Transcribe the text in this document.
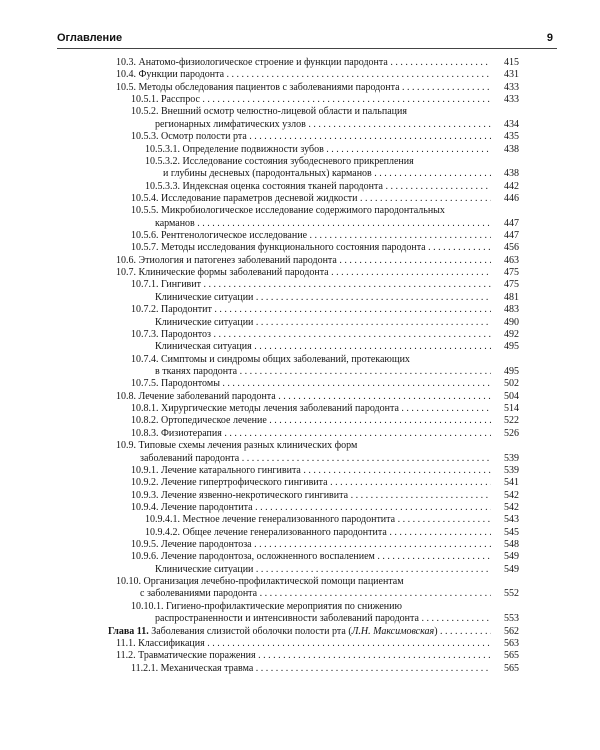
Оглавление	9
10.3. Анатомо-физиологическое строение и функции пародонта . . .	415
10.4. Функции пародонта . . .	431
10.5. Методы обследования пациентов с заболеваниями пародонта . . .	433
10.5.1. Расспрос . . .	433
10.5.2. Внешний осмотр челюстно-лицевой области и пальпация
регионарных лимфатических узлов . . .	434
10.5.3. Осмотр полости рта . . .	435
10.5.3.1. Определение подвижности зубов . . .	438
10.5.3.2. Исследование состояния зубодесневого прикрепления
и глубины десневых (пародонтальных) карманов . . .	438
10.5.3.3. Индексная оценка состояния тканей пародонта . . .	442
10.5.4. Исследование параметров десневой жидкости . . .	446
10.5.5. Микробиологическое исследование содержимого пародонтальных
карманов . . .	447
10.5.6. Рентгенологическое исследование . . .	447
10.5.7. Методы исследования функционального состояния пародонта . . .	456
10.6. Этиология и патогенез заболеваний пародонта . . .	463
10.7. Клинические формы заболеваний пародонта . . .	475
10.7.1. Гингивит . . .	475
Клинические ситуации . . .	481
10.7.2. Пародонтит . . .	483
Клинические ситуации . . .	490
10.7.3. Пародонтоз . . .	492
Клиническая ситуация . . .	495
10.7.4. Симптомы и синдромы общих заболеваний, протекающих
в тканях пародонта . . .	495
10.7.5. Пародонтомы . . .	502
10.8. Лечение заболеваний пародонта . . .	504
10.8.1. Хирургические методы лечения заболеваний пародонта . . .	514
10.8.2. Ортопедическое лечение . . .	522
10.8.3. Физиотерапия . . .	526
10.9. Типовые схемы лечения разных клинических форм
заболеваний пародонта . . .	539
10.9.1. Лечение катарального гингивита . . .	539
10.9.2. Лечение гипертрофического гингивита . . .	541
10.9.3. Лечение язвенно-некротического гингивита . . .	542
10.9.4. Лечение пародонтита . . .	542
10.9.4.1. Местное лечение генерализованного пародонтита . . .	543
10.9.4.2. Общее лечение генерализованного пародонтита . . .	545
10.9.5. Лечение пародонтоза . . .	548
10.9.6. Лечение пародонтоза, осложненного воспалением . . .	549
Клинические ситуации . . .	549
10.10. Организация лечебно-профилактической помощи пациентам
с заболеваниями пародонта . . .	552
10.10.1. Гигиено-профилактические мероприятия по снижению
распространенности и интенсивности заболеваний пародонта . . .	553
Глава 11. Заболевания слизистой оболочки полости рта (Л.Н. Максимовская) . . .	562
11.1. Классификация . . .	563
11.2. Травматические поражения . . .	565
11.2.1. Механическая травма . . .	565
